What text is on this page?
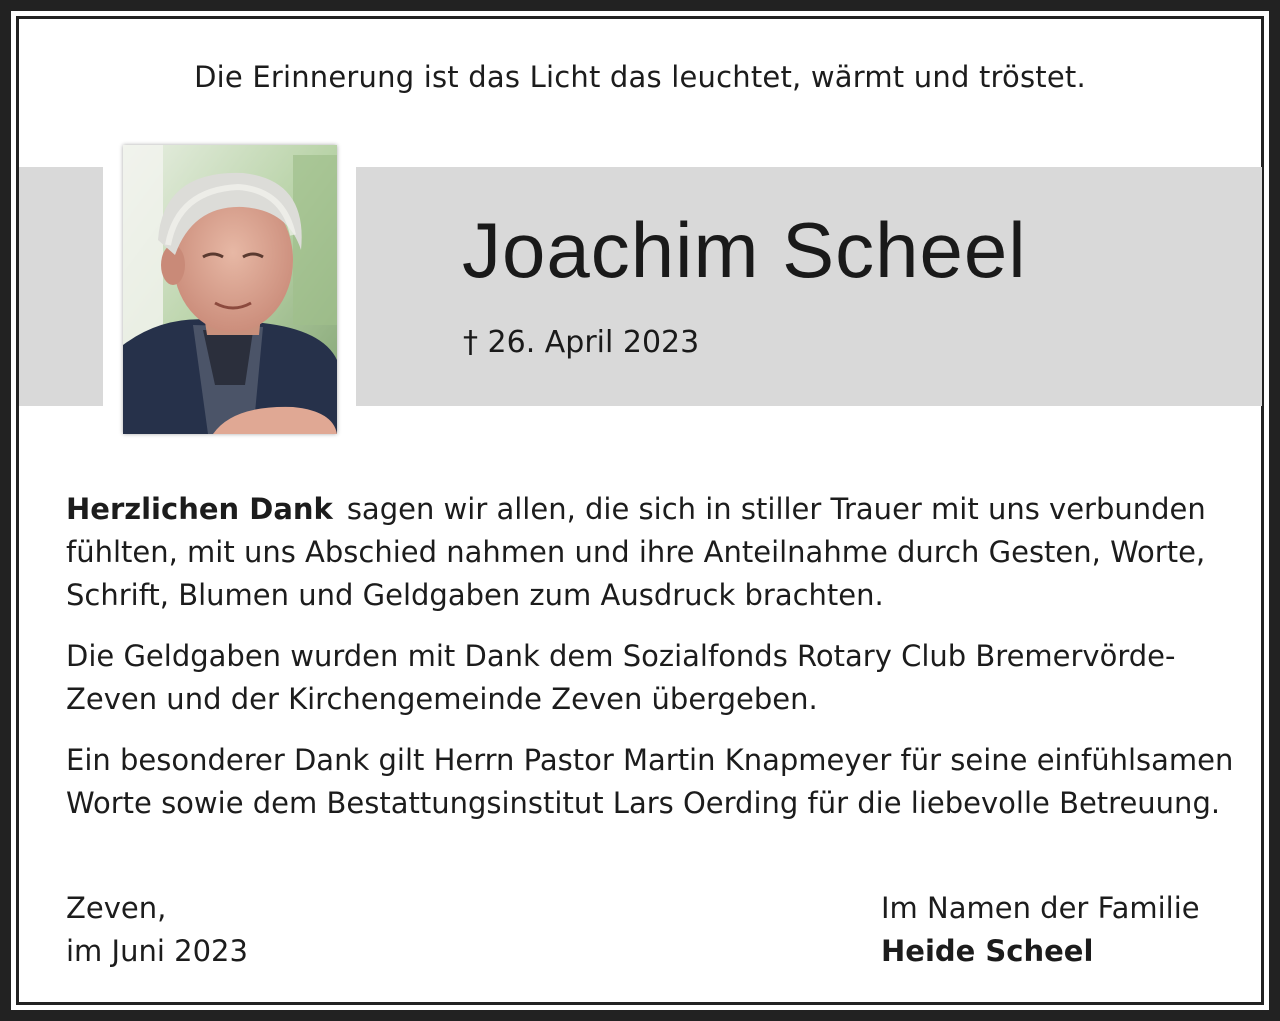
Die Erinnerung ist das Licht das leuchtet, wärmt und tröstet.
Joachim Scheel
† 26. April 2023

Herzlichen Dank sagen wir allen, die sich in stiller Trauer mit uns verbunden fühlten, mit uns Abschied nahmen und ihre Anteilnahme durch Gesten, Worte, Schrift, Blumen und Geldgaben zum Ausdruck brachten.

Die Geldgaben wurden mit Dank dem Sozialfonds Rotary Club Bremervörde-Zeven und der Kirchengemeinde Zeven übergeben.

Ein besonderer Dank gilt Herrn Pastor Martin Knapmeyer für seine einfühlsamen Worte sowie dem Bestattungsinstitut Lars Oerding für die liebevolle Betreuung.

Zeven,
im Juni 2023
Im Namen der Familie
Heide Scheel
